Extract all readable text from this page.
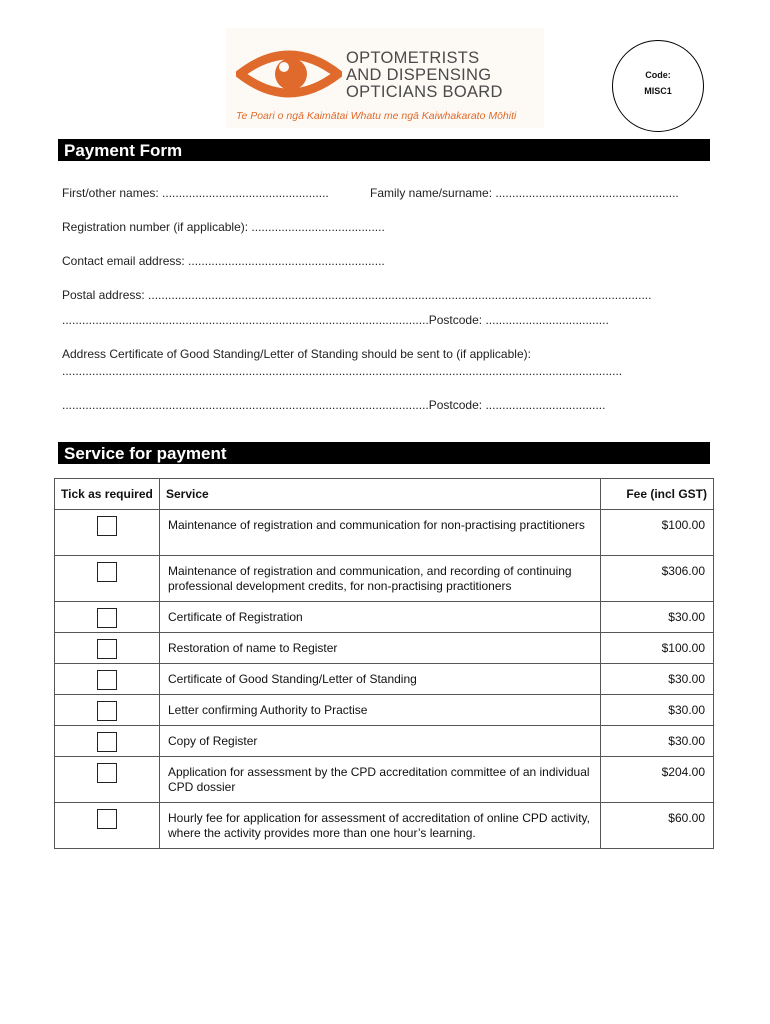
OPTOMETRISTS
AND DISPENSING
OPTICIANS BOARD
Te Poari o ngā Kaimātai Whatu me ngā Kaiwhakarato Mōhiti
Code:
MISC1
Payment Form
First/other names: ..................................................	Family name/surname: .......................................................
Registration number (if applicable): ........................................
Contact email address: ...........................................................
Postal address: .......................................................................................................................................................
..............................................................................................................Postcode: .....................................
Address Certificate of Good Standing/Letter of Standing should be sent to (if applicable):
........................................................................................................................................................................
..............................................................................................................Postcode: ....................................
Service for payment
Tick as required	Service	Fee (incl GST)
	Maintenance of registration and communication for non-practising practitioners	$100.00
	Maintenance of registration and communication, and recording of continuing professional development credits, for non-practising practitioners	$306.00
	Certificate of Registration	$30.00
	Restoration of name to Register	$100.00
	Certificate of Good Standing/Letter of Standing	$30.00
	Letter confirming Authority to Practise	$30.00
	Copy of Register	$30.00
	Application for assessment by the CPD accreditation committee of an individual CPD dossier	$204.00
	Hourly fee for application for assessment of accreditation of online CPD activity, where the activity provides more than one hour’s learning.	$60.00
